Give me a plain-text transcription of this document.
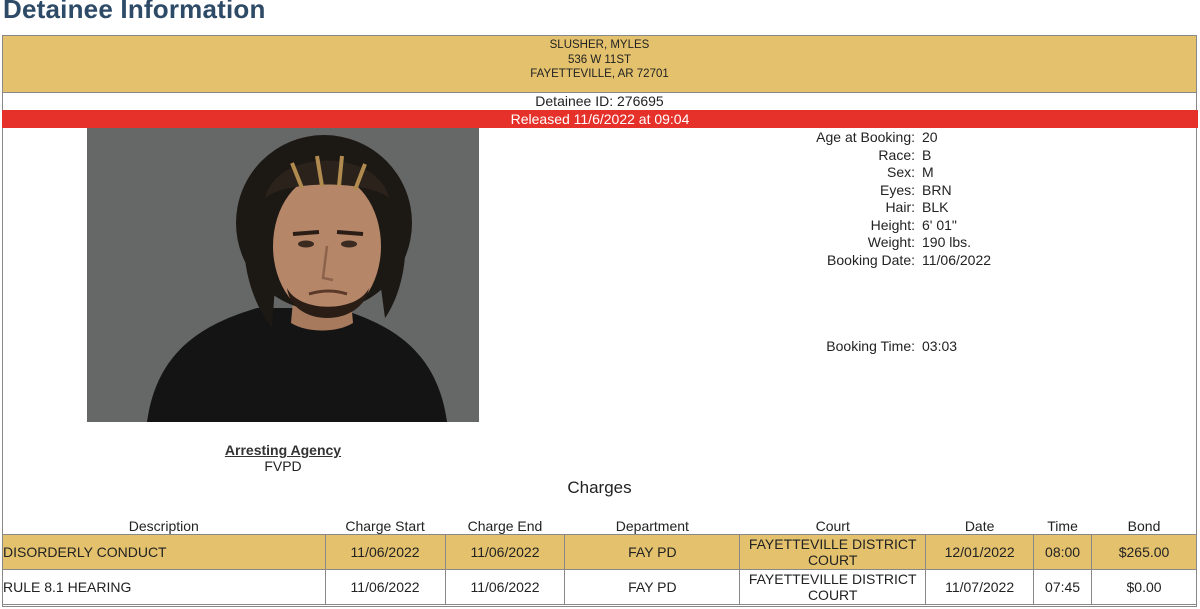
Detainee Information
SLUSHER, MYLES
536 W 11ST
FAYETTEVILLE, AR 72701
Detainee ID: 276695
Released 11/6/2022 at 09:04
Age at Booking: 20
Race: B
Sex: M
Eyes: BRN
Hair: BLK
Height: 6' 01"
Weight: 190 lbs.
Booking Date: 11/06/2022
Booking Time: 03:03
Arresting Agency
FVPD
Charges
Description	Charge Start	Charge End	Department	Court	Date	Time	Bond
DISORDERLY CONDUCT	11/06/2022	11/06/2022	FAY PD	FAYETTEVILLE DISTRICT COURT	12/01/2022	08:00	$265.00
RULE 8.1 HEARING	11/06/2022	11/06/2022	FAY PD	FAYETTEVILLE DISTRICT COURT	11/07/2022	07:45	$0.00
